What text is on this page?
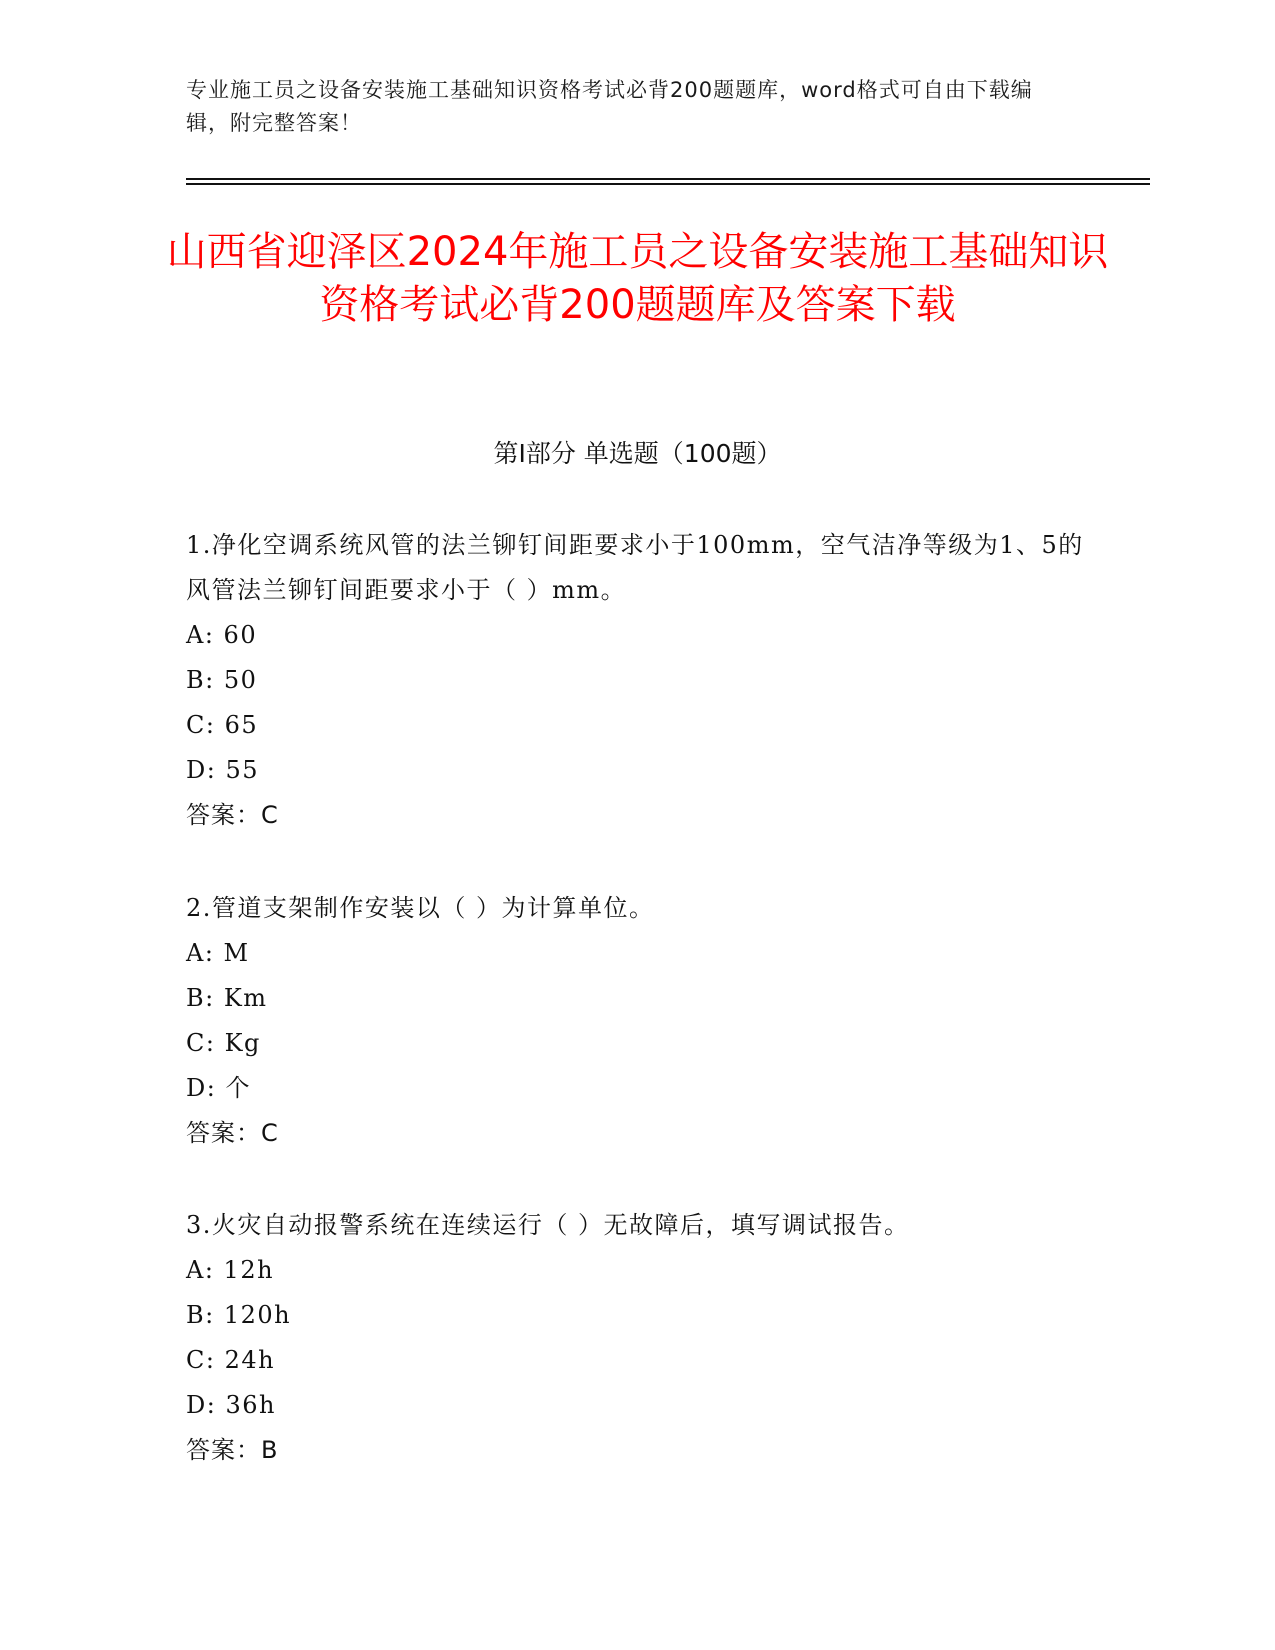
专业施工员之设备安装施工基础知识资格考试必背200题题库，word格式可自由下载编辑，附完整答案！
山西省迎泽区2024年施工员之设备安装施工基础知识资格考试必背200题题库及答案下载
第Ⅰ部分 单选题（100题）
1.净化空调系统风管的法兰铆钉间距要求小于100mm，空气洁净等级为1、5的风管法兰铆钉间距要求小于（ ）mm。
A: 60
B: 50
C: 65
D: 55
答案：C
2.管道支架制作安装以（ ）为计算单位。
A: M
B: Km
C: Kg
D: 个
答案：C
3.火灾自动报警系统在连续运行（ ）无故障后，填写调试报告。
A: 12h
B: 120h
C: 24h
D: 36h
答案：B
